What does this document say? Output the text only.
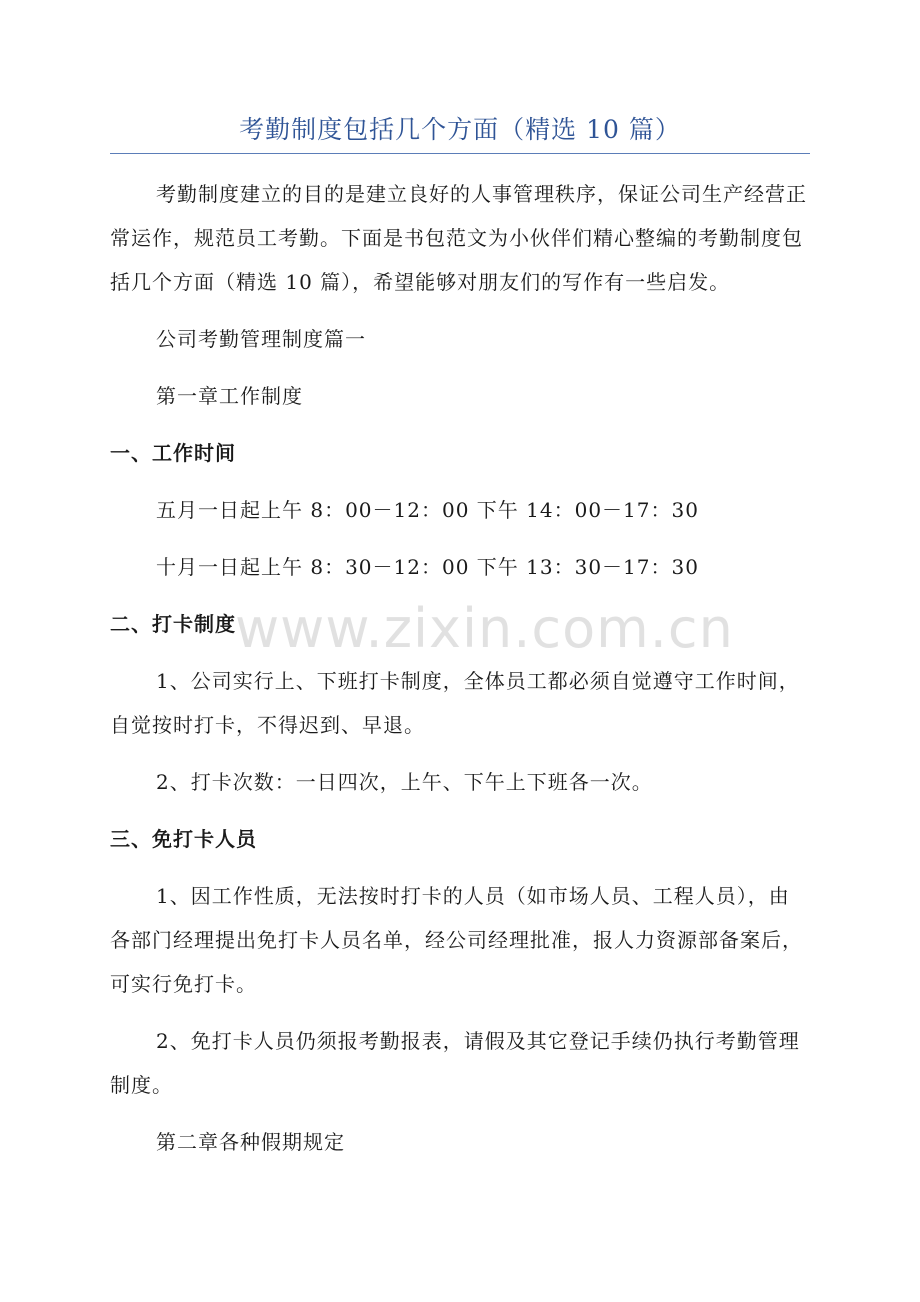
考勤制度包括几个方面（精选 10 篇）

考勤制度建立的目的是建立良好的人事管理秩序，保证公司生产经营正常运作，规范员工考勤。下面是书包范文为小伙伴们精心整编的考勤制度包括几个方面（精选 10 篇），希望能够对朋友们的写作有一些启发。

公司考勤管理制度篇一

第一章工作制度

一、工作时间

五月一日起上午 8：00－12：00 下午 14：00－17：30

十月一日起上午 8：30－12：00 下午 13：30－17：30

二、打卡制度

1、公司实行上、下班打卡制度，全体员工都必须自觉遵守工作时间，自觉按时打卡，不得迟到、早退。

2、打卡次数：一日四次，上午、下午上下班各一次。

三、免打卡人员

1、因工作性质，无法按时打卡的人员（如市场人员、工程人员），由各部门经理提出免打卡人员名单，经公司经理批准，报人力资源部备案后，可实行免打卡。

2、免打卡人员仍须报考勤报表，请假及其它登记手续仍执行考勤管理制度。

第二章各种假期规定

www.zixin.com.cn
